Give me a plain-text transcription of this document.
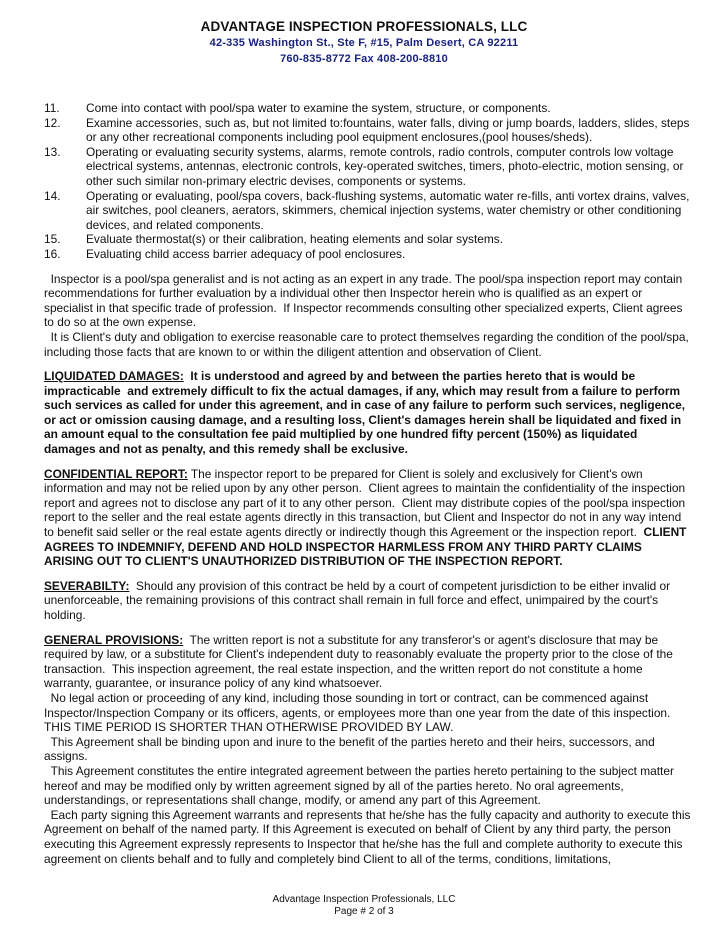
ADVANTAGE INSPECTION PROFESSIONALS, LLC
42-335 Washington St., Ste F, #15, Palm Desert, CA 92211
760-835-8772 Fax 408-200-8810
11.	Come into contact with pool/spa water to examine the system, structure, or components.
12.	Examine accessories, such as, but not limited to:fountains, water falls, diving or jump boards, ladders, slides, steps or any other recreational components including pool equipment enclosures,(pool houses/sheds).
13.	Operating or evaluating security systems, alarms, remote controls, radio controls, computer controls low voltage electrical systems, antennas, electronic controls, key-operated switches, timers, photo-electric, motion sensing, or other such similar non-primary electric devises, components or systems.
14.	Operating or evaluating, pool/spa covers, back-flushing systems, automatic water re-fills, anti vortex drains, valves, air switches, pool cleaners, aerators, skimmers, chemical injection systems, water chemistry or other conditioning devices, and related components.
15.	Evaluate thermostat(s) or their calibration, heating elements and solar systems.
16.	Evaluating child access barrier adequacy of pool enclosures.

Inspector is a pool/spa generalist and is not acting as an expert in any trade. The pool/spa inspection report may contain recommendations for further evaluation by a individual other then Inspector herein who is qualified as an expert or specialist in that specific trade of profession.  If Inspector recommends consulting other specialized experts, Client agrees to do so at the own expense.

It is Client's duty and obligation to exercise reasonable care to protect themselves regarding the condition of the pool/spa, including those facts that are known to or within the diligent attention and observation of Client.

LIQUIDATED DAMAGES:  It is understood and agreed by and between the parties hereto that is would be impracticable  and extremely difficult to fix the actual damages, if any, which may result from a failure to perform such services as called for under this agreement, and in case of any failure to perform such services, negligence, or act or omission causing damage, and a resulting loss, Client's damages herein shall be liquidated and fixed in an amount equal to the consultation fee paid multiplied by one hundred fifty percent (150%) as liquidated damages and not as penalty, and this remedy shall be exclusive.

CONFIDENTIAL REPORT: The inspector report to be prepared for Client is solely and exclusively for Client's own information and may not be relied upon by any other person.  Client agrees to maintain the confidentiality of the inspection report and agrees not to disclose any part of it to any other person.  Client may distribute copies of the pool/spa inspection report to the seller and the real estate agents directly in this transaction, but Client and Inspector do not in any way intend to benefit said seller or the real estate agents directly or indirectly though this Agreement or the inspection report.  CLIENT AGREES TO INDEMNIFY, DEFEND AND HOLD INSPECTOR HARMLESS FROM ANY THIRD PARTY CLAIMS ARISING OUT TO CLIENT'S UNAUTHORIZED DISTRIBUTION OF THE INSPECTION REPORT.

SEVERABILTY:  Should any provision of this contract be held by a court of competent jurisdiction to be either invalid or unenforceable, the remaining provisions of this contract shall remain in full force and effect, unimpaired by the court's holding.

GENERAL PROVISIONS:  The written report is not a substitute for any transferor's or agent's disclosure that may be required by law, or a substitute for Client's independent duty to reasonably evaluate the property prior to the close of the transaction.  This inspection agreement, the real estate inspection, and the written report do not constitute a home warranty, guarantee, or insurance policy of any kind whatsoever.

No legal action or proceeding of any kind, including those sounding in tort or contract, can be commenced against Inspector/Inspection Company or its officers, agents, or employees more than one year from the date of this inspection. THIS TIME PERIOD IS SHORTER THAN OTHERWISE PROVIDED BY LAW.

This Agreement shall be binding upon and inure to the benefit of the parties hereto and their heirs, successors, and assigns.

This Agreement constitutes the entire integrated agreement between the parties hereto pertaining to the subject matter hereof and may be modified only by written agreement signed by all of the parties hereto. No oral agreements, understandings, or representations shall change, modify, or amend any part of this Agreement.

Each party signing this Agreement warrants and represents that he/she has the fully capacity and authority to execute this Agreement on behalf of the named party. If this Agreement is executed on behalf of Client by any third party, the person executing this Agreement expressly represents to Inspector that he/she has the full and complete authority to execute this agreement on clients behalf and to fully and completely bind Client to all of the terms, conditions, limitations,

Advantage Inspection Professionals, LLC
Page # 2 of 3
